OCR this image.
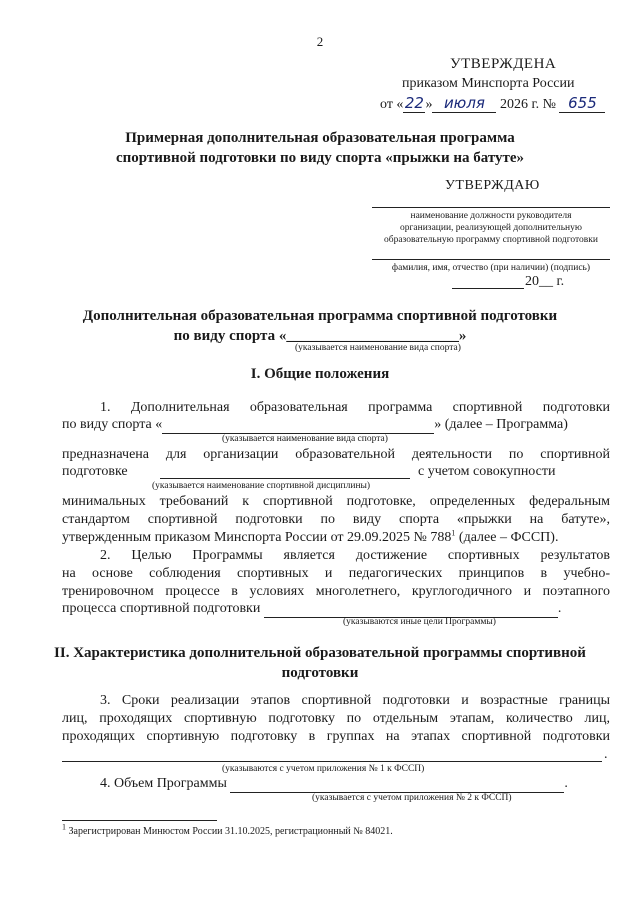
2
УТВЕРЖДЕНА
приказом Минспорта России
от «22» июля 2026 г. № 655
Примерная дополнительная образовательная программа спортивной подготовки по виду спорта «прыжки на батуте»
УТВЕРЖДАЮ
наименование должности руководителя
организации, реализующей дополнительную
образовательную программу спортивной подготовки
фамилия, имя, отчество (при наличии) (подпись)
20__ г.
Дополнительная образовательная программа спортивной подготовки
по виду спорта «_______________________»
(указывается наименование вида спорта)
I. Общие положения
1. Дополнительная образовательная программа спортивной подготовки
по виду спорта «	» (далее – Программа)
(указывается наименование вида спорта)
предназначена для организации образовательной деятельности по спортивной
подготовке	с учетом совокупности
(указывается наименование спортивной дисциплины)
минимальных требований к спортивной подготовке, определенных федеральным
стандартом спортивной подготовки по виду спорта «прыжки на батуте»,
утвержденным приказом Минспорта России от 29.09.2025 № $788^1$ (далее – ФССП).
2. Целью Программы является достижение спортивных результатов
на основе соблюдения спортивных и педагогических принципов в учебно-
тренировочном процессе в условиях многолетнего, круглогодичного и поэтапного
процесса спортивной подготовки	.
(указываются иные цели Программы)
II. Характеристика дополнительной образовательной программы спортивной
подготовки
3. Сроки реализации этапов спортивной подготовки и возрастные границы
лиц, проходящих спортивную подготовку по отдельным этапам, количество лиц,
проходящих спортивную подготовку в группах на этапах спортивной подготовки
.
(указываются с учетом приложения № 1 к ФССП)
4. Объем Программы	.
(указывается с учетом приложения № 2 к ФССП)
$^1$ Зарегистрирован Минюстом России 31.10.2025, регистрационный № 84021.
